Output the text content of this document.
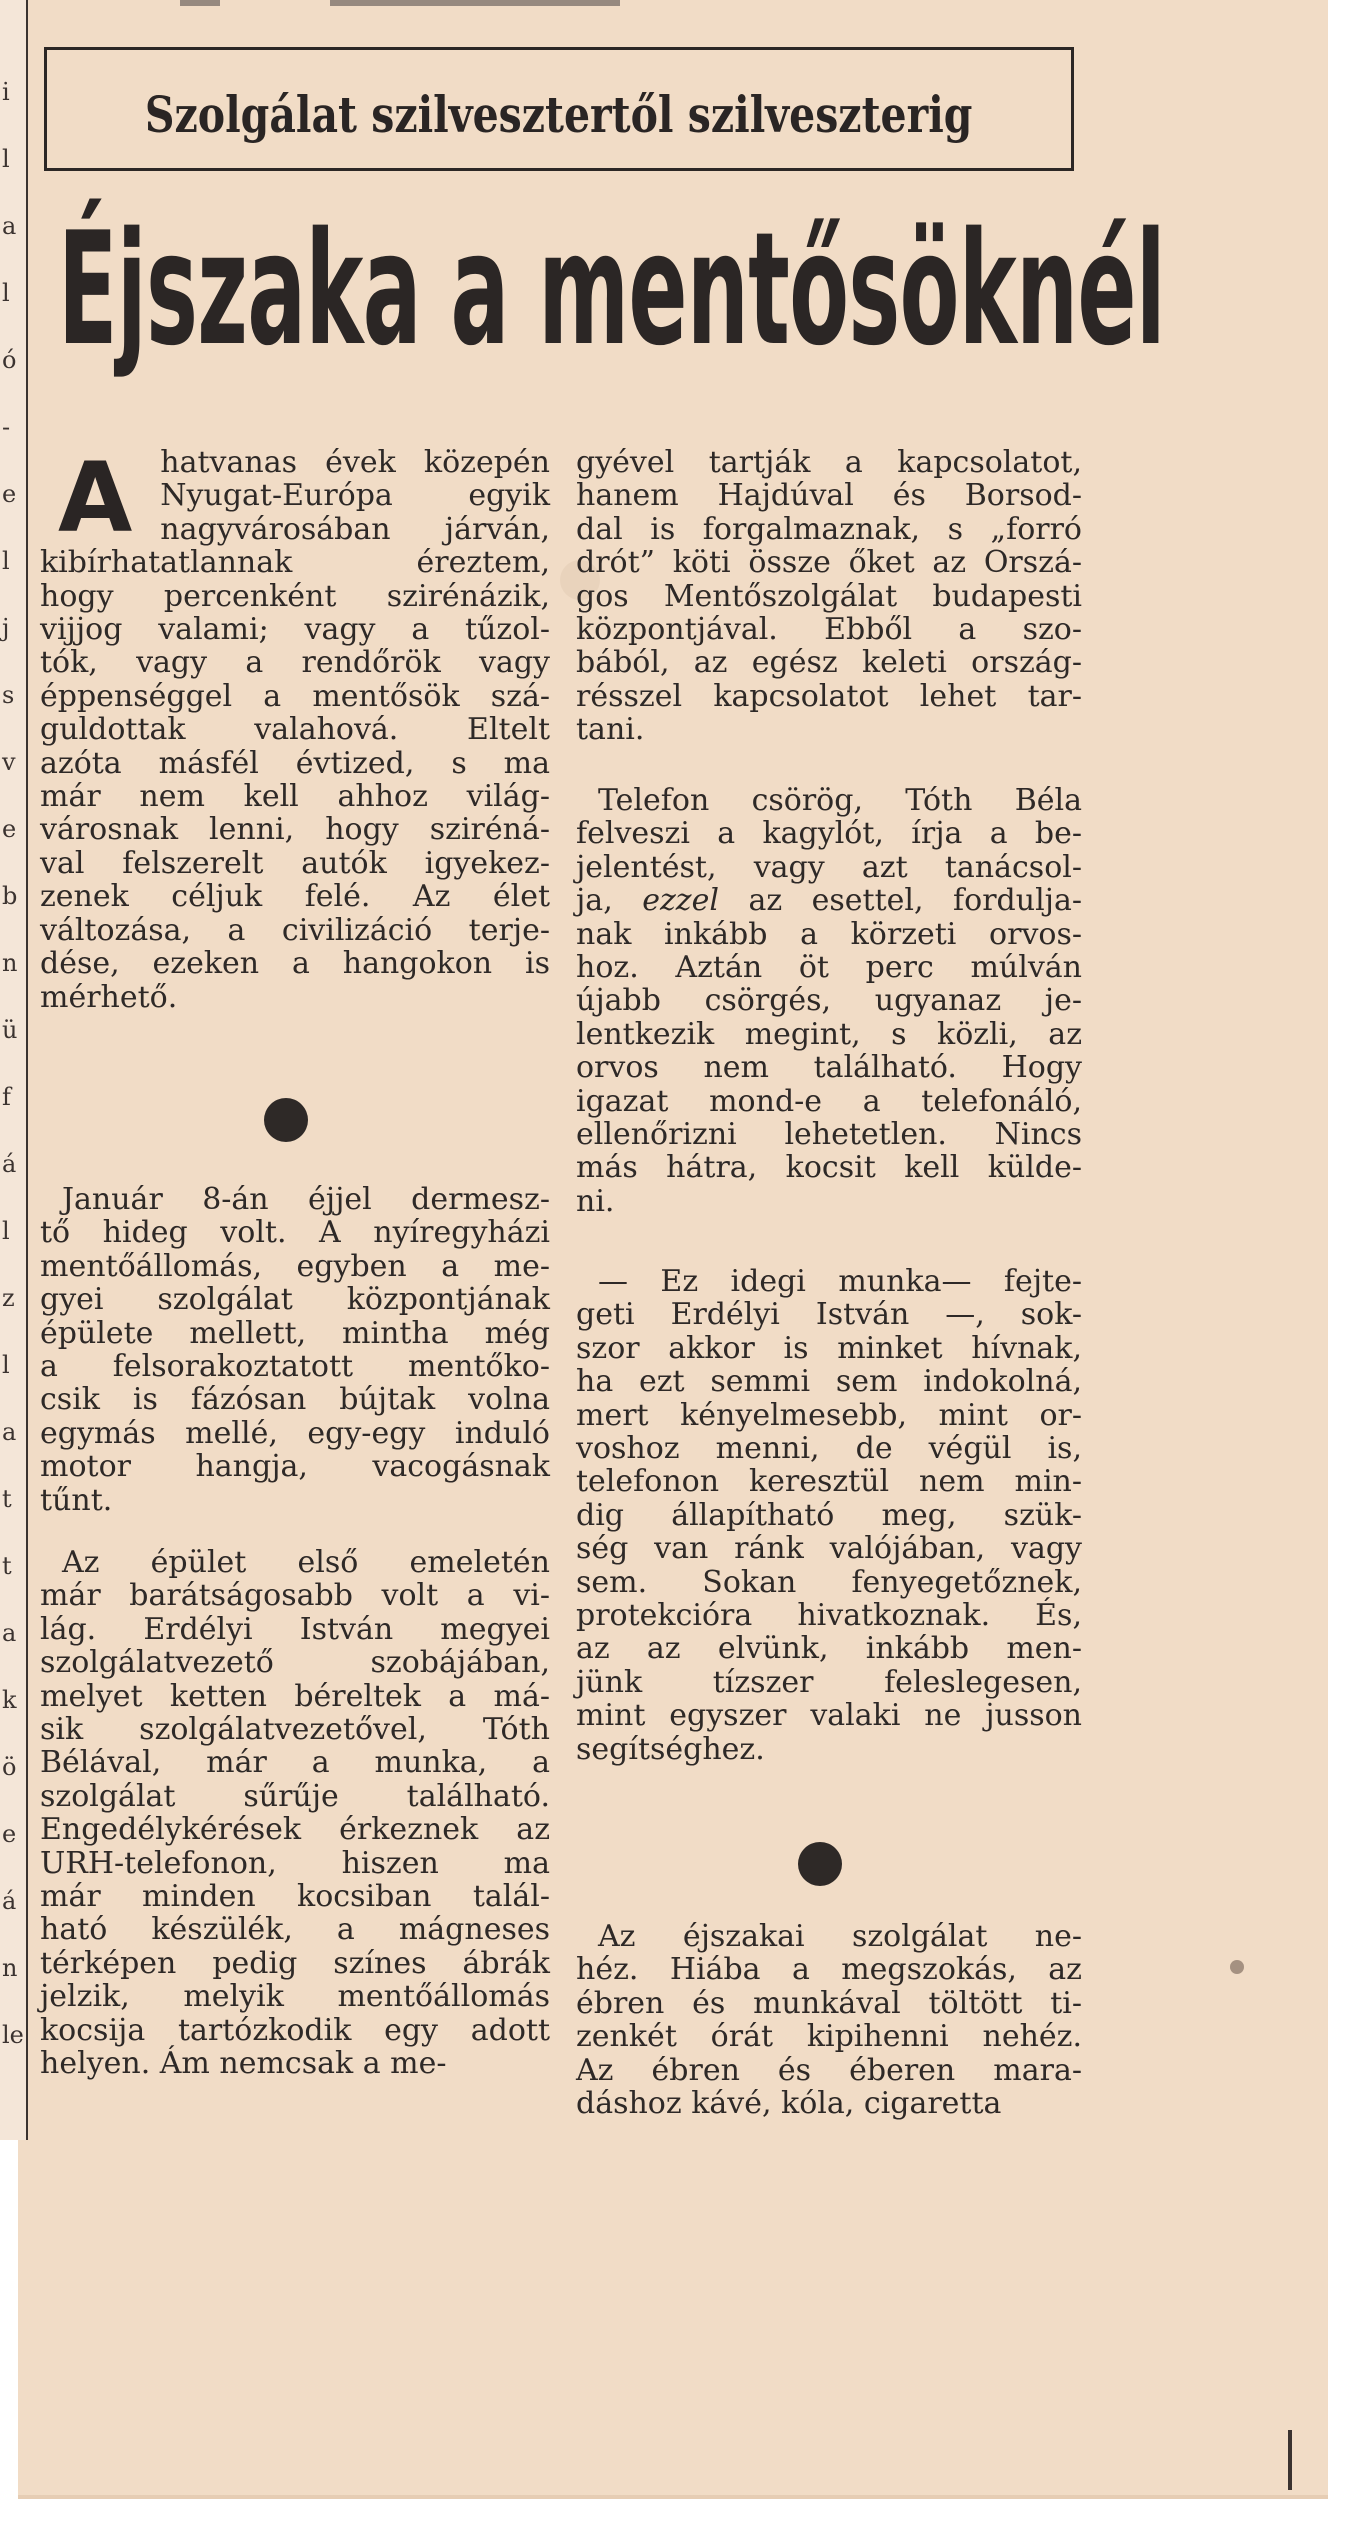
i
l
a
l
ó
-
e
l
j
s
v
e
b
n
ü
f
á
l
z
l
a
t
t
a
k
ö
e
á
n
le
Szolgálat szilvesztertől szilveszterig
Éjszaka a mentősöknél

A hatvanas évek közepén
Nyugat-Európa egyik
nagyvárosában járván,
kibírhatatlannak éreztem,
hogy percenként szirénázik,
vijjog valami; vagy a tűzol-
tók, vagy a rendőrök vagy
éppenséggel a mentősök szá-
guldottak valahová. Eltelt
azóta másfél évtized, s ma
már nem kell ahhoz világ-
városnak lenni, hogy sziréná-
val felszerelt autók igyekez-
zenek céljuk felé. Az élet
változása, a civilizáció terje-
dése, ezeken a hangokon is
mérhető.

Január 8-án éjjel dermesz-
tő hideg volt. A nyíregyházi
mentőállomás, egyben a me-
gyei szolgálat központjának
épülete mellett, mintha még
a felsorakoztatott mentőko-
csik is fázósan bújtak volna
egymás mellé, egy-egy induló
motor hangja, vacogásnak
tűnt.

Az épület első emeletén
már barátságosabb volt a vi-
lág. Erdélyi István megyei
szolgálatvezető szobájában,
melyet ketten béreltek a má-
sik szolgálatvezetővel, Tóth
Bélával, már a munka, a
szolgálat sűrűje található.
Engedélykérések érkeznek az
URH-telefonon, hiszen ma
már minden kocsiban talál-
ható készülék, a mágneses
térképen pedig színes ábrák
jelzik, melyik mentőállomás
kocsija tartózkodik egy adott
helyen. Ám nemcsak a me-

gyével tartják a kapcsolatot,
hanem Hajdúval és Borsod-
dal is forgalmaznak, s „forró
drót” köti össze őket az Orszá-
gos Mentőszolgálat budapesti
központjával. Ebből a szo-
bából, az egész keleti ország-
résszel kapcsolatot lehet tar-
tani.

Telefon csörög, Tóth Béla
felveszi a kagylót, írja a be-
jelentést, vagy azt tanácsol-
ja, ezzel az esettel, fordulja-
nak inkább a körzeti orvos-
hoz. Aztán öt perc múlván
újabb csörgés, ugyanaz je-
lentkezik megint, s közli, az
orvos nem található. Hogy
igazat mond-e a telefonáló,
ellenőrizni lehetetlen. Nincs
más hátra, kocsit kell külde-
ni.

— Ez idegi munka— fejte-
geti Erdélyi István —, sok-
szor akkor is minket hívnak,
ha ezt semmi sem indokolná,
mert kényelmesebb, mint or-
voshoz menni, de végül is,
telefonon keresztül nem min-
dig állapítható meg, szük-
ség van ránk valójában, vagy
sem. Sokan fenyegetőznek,
protekcióra hivatkoznak. És,
az az elvünk, inkább men-
jünk tízszer feleslegesen,
mint egyszer valaki ne jusson
segítséghez.

Az éjszakai szolgálat ne-
héz. Hiába a megszokás, az
ébren és munkával töltött ti-
zenkét órát kipihenni nehéz.
Az ébren és éberen mara-
dáshoz kávé, kóla, cigaretta
